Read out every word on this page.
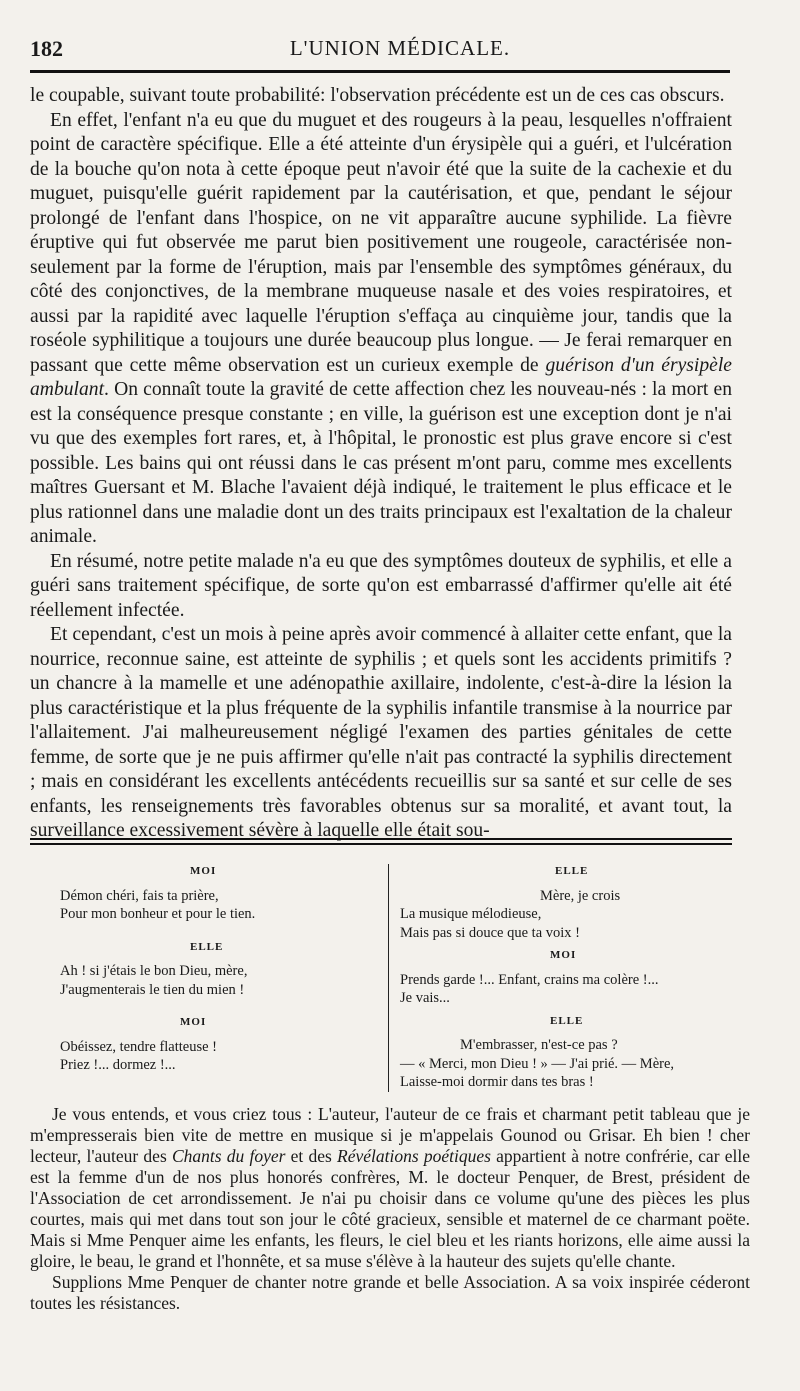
182	L'UNION MÉDICALE.

le coupable, suivant toute probabilité: l'observation précédente est un de ces cas obscurs.

En effet, l'enfant n'a eu que du muguet et des rougeurs à la peau, lesquelles n'offraient point de caractère spécifique. Elle a été atteinte d'un érysipèle qui a guéri, et l'ulcération de la bouche qu'on nota à cette époque peut n'avoir été que la suite de la cachexie et du muguet, puisqu'elle guérit rapidement par la cautérisation, et que, pendant le séjour prolongé de l'enfant dans l'hospice, on ne vit apparaître aucune syphilide. La fièvre éruptive qui fut observée me parut bien positivement une rougeole, caractérisée non-seulement par la forme de l'éruption, mais par l'ensemble des symptômes généraux, du côté des conjonctives, de la membrane muqueuse nasale et des voies respiratoires, et aussi par la rapidité avec laquelle l'éruption s'effaça au cinquième jour, tandis que la roséole syphilitique a toujours une durée beaucoup plus longue. — Je ferai remarquer en passant que cette même observation est un curieux exemple de guérison d'un érysipèle ambulant. On connaît toute la gravité de cette affection chez les nouveau-nés : la mort en est la conséquence presque constante ; en ville, la guérison est une exception dont je n'ai vu que des exemples fort rares, et, à l'hôpital, le pronostic est plus grave encore si c'est possible. Les bains qui ont réussi dans le cas présent m'ont paru, comme mes excellents maîtres Guersant et M. Blache l'avaient déjà indiqué, le traitement le plus efficace et le plus rationnel dans une maladie dont un des traits principaux est l'exaltation de la chaleur animale.

En résumé, notre petite malade n'a eu que des symptômes douteux de syphilis, et elle a guéri sans traitement spécifique, de sorte qu'on est embarrassé d'affirmer qu'elle ait été réellement infectée.

Et cependant, c'est un mois à peine après avoir commencé à allaiter cette enfant, que la nourrice, reconnue saine, est atteinte de syphilis ; et quels sont les accidents primitifs ? un chancre à la mamelle et une adénopathie axillaire, indolente, c'est-à-dire la lésion la plus caractéristique et la plus fréquente de la syphilis infantile transmise à la nourrice par l'allaitement. J'ai malheureusement négligé l'examen des parties génitales de cette femme, de sorte que je ne puis affirmer qu'elle n'ait pas contracté la syphilis directement ; mais en considérant les excellents antécédents recueillis sur sa santé et sur celle de ses enfants, les renseignements très favorables obtenus sur sa moralité, et avant tout, la surveillance excessivement sévère à laquelle elle était sou-

MOI
Démon chéri, fais ta prière,
Pour mon bonheur et pour le tien.
ELLE
Ah ! si j'étais le bon Dieu, mère,
J'augmenterais le tien du mien !
MOI
Obéissez, tendre flatteuse !
Priez !... dormez !...
ELLE
Mère, je crois
La musique mélodieuse,
Mais pas si douce que ta voix !
MOI
Prends garde !... Enfant, crains ma colère !...
Je vais...
ELLE
M'embrasser, n'est-ce pas ?
— « Merci, mon Dieu ! » — J'ai prié. — Mère,
Laisse-moi dormir dans tes bras !

Je vous entends, et vous criez tous : L'auteur, l'auteur de ce frais et charmant petit tableau que je m'empresserais bien vite de mettre en musique si je m'appelais Gounod ou Grisar. Eh bien ! cher lecteur, l'auteur des Chants du foyer et des Révélations poétiques appartient à notre confrérie, car elle est la femme d'un de nos plus honorés confrères, M. le docteur Penquer, de Brest, président de l'Association de cet arrondissement. Je n'ai pu choisir dans ce volume qu'une des pièces les plus courtes, mais qui met dans tout son jour le côté gracieux, sensible et maternel de ce charmant poëte. Mais si Mme Penquer aime les enfants, les fleurs, le ciel bleu et les riants horizons, elle aime aussi la gloire, le beau, le grand et l'honnête, et sa muse s'élève à la hauteur des sujets qu'elle chante.

Supplions Mme Penquer de chanter notre grande et belle Association. A sa voix inspirée céderont toutes les résistances.
